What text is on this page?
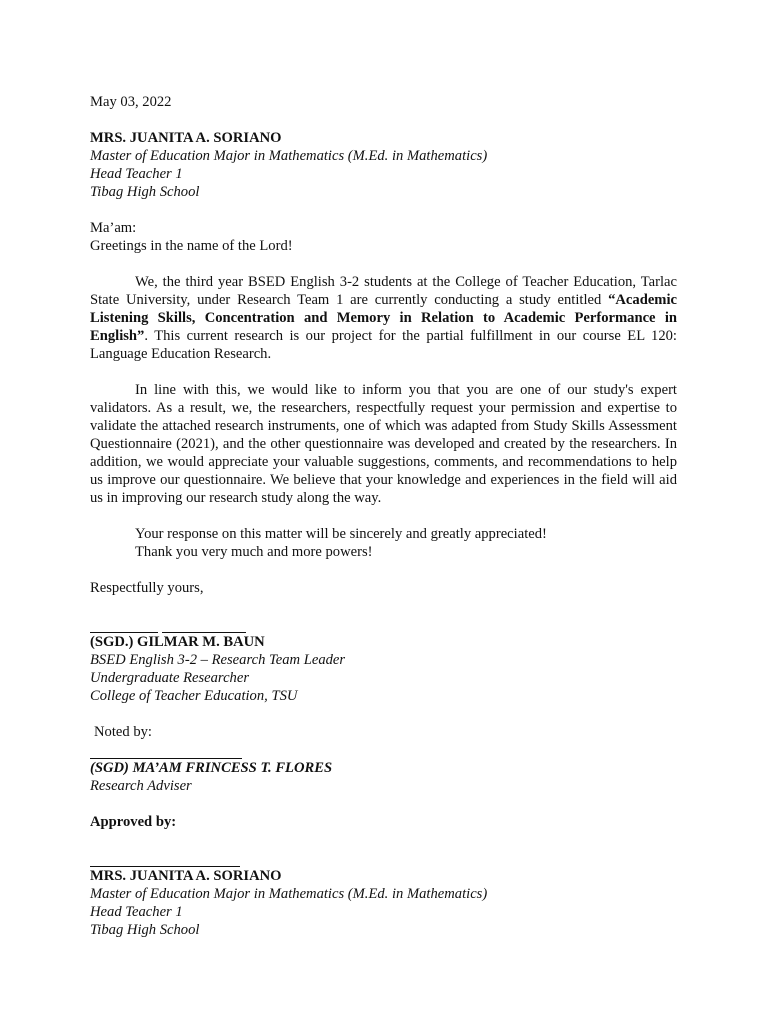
May 03, 2022

MRS. JUANITA A. SORIANO

Master of Education Major in Mathematics (M.Ed. in Mathematics)

Head Teacher 1

Tibag High School

Ma’am:

Greetings in the name of the Lord!

We, the third year BSED English 3-2 students at the College of Teacher Education, Tarlac State University, under Research Team 1 are currently conducting a study entitled “Academic Listening Skills, Concentration and Memory in Relation to Academic Performance in English”. This current research is our project for the partial fulfillment in our course EL 120: Language Education Research.

In line with this, we would like to inform you that you are one of our study's expert validators. As a result, we, the researchers, respectfully request your permission and expertise to validate the attached research instruments, one of which was adapted from Study Skills Assessment Questionnaire (2021), and the other questionnaire was developed and created by the researchers. In addition, we would appreciate your valuable suggestions, comments, and recommendations to help us improve our questionnaire. We believe that your knowledge and experiences in the field will aid us in improving our research study along the way.

Your response on this matter will be sincerely and greatly appreciated!

Thank you very much and more powers!

Respectfully yours,

(SGD.) GILMAR M. BAUN

BSED English 3-2 – Research Team Leader

Undergraduate Researcher

College of Teacher Education, TSU

Noted by:

(SGD) MA’AM FRINCESS T. FLORES

Research Adviser

Approved by:

MRS. JUANITA A. SORIANO

Master of Education Major in Mathematics (M.Ed. in Mathematics)

Head Teacher 1

Tibag High School
